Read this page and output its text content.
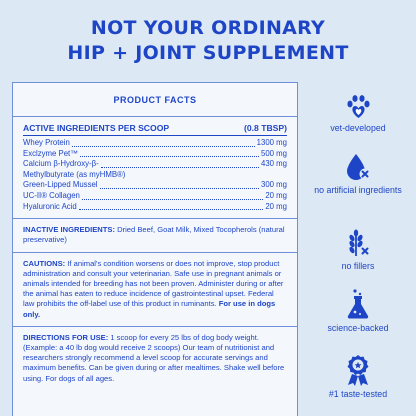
NOT YOUR ORDINARY
HIP + JOINT SUPPLEMENT
PRODUCT FACTS
ACTIVE INGREDIENTS PER SCOOP	(0.8 TBSP)
Whey Protein	1300 mg
Exclzyme Pet™	500 mg
Calcium β-Hydroxy-β-	430 mg
Methylbutyrate (as myHMB®)
Green-Lipped Mussel	300 mg
UC-II® Collagen	20 mg
Hyaluronic Acid	20 mg

INACTIVE INGREDIENTS: Dried Beef, Goat Milk, Mixed Tocopherols (natural preservative)

CAUTIONS: If animal's condition worsens or does not improve, stop product administration and consult your veterinarian. Safe use in pregnant animals or animals intended for breeding has not been proven. Administer during or after the animal has eaten to reduce incidence of gastrointestinal upset. Federal law prohibits the off-label use of this product in ruminants. For use in dogs only.

DIRECTIONS FOR USE: 1 scoop for every 25 lbs of dog body weight. (Example: a 40 lb dog would receive 2 scoops) Our team of nutritionist and researchers strongly recommend a level scoop for accurate servings and maximum benefits. Can be given during or after mealtimes. Shake well before using. For dogs of all ages.

vet-developed
no artificial ingredients
no fillers
science-backed
#1 taste-tested
